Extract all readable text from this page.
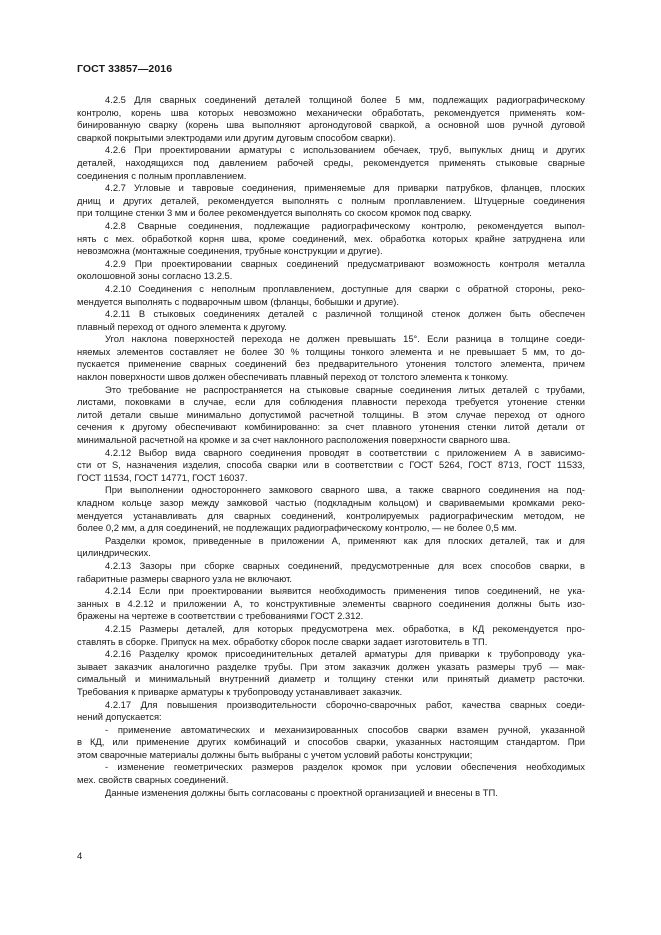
ГОСТ 33857—2016
4.2.5 Для сварных соединений деталей толщиной более 5 мм, подлежащих радиографическому
контролю, корень шва которых невозможно механически обработать, рекомендуется применять ком-
бинированную сварку (корень шва выполняют аргонодуговой сваркой, а основной шов ручной дуговой
сваркой покрытыми электродами или другим дуговым способом сварки).
4.2.6 При проектировании арматуры с использованием обечаек, труб, выпуклых днищ и других
деталей, находящихся под давлением рабочей среды, рекомендуется применять стыковые сварные
соединения с полным проплавлением.
4.2.7 Угловые и тавровые соединения, применяемые для приварки патрубков, фланцев, плоских
днищ и других деталей, рекомендуется выполнять с полным проплавлением. Штуцерные соединения
при толщине стенки 3 мм и более рекомендуется выполнять со скосом кромок под сварку.
4.2.8 Сварные соединения, подлежащие радиографическому контролю, рекомендуется выпол-
нять с мех. обработкой корня шва, кроме соединений, мех. обработка которых крайне затруднена или
невозможна (монтажные соединения, трубные конструкции и другие).
4.2.9 При проектировании сварных соединений предусматривают возможность контроля металла
околошовной зоны согласно 13.2.5.
4.2.10 Соединения с неполным проплавлением, доступные для сварки с обратной стороны, реко-
мендуется выполнять с подварочным швом (фланцы, бобышки и другие).
4.2.11 В стыковых соединениях деталей с различной толщиной стенок должен быть обеспечен
плавный переход от одного элемента к другому.
Угол наклона поверхностей перехода не должен превышать 15°. Если разница в толщине соеди-
няемых элементов составляет не более 30 % толщины тонкого элемента и не превышает 5 мм, то до-
пускается применение сварных соединений без предварительного утонения толстого элемента, причем
наклон поверхности швов должен обеспечивать плавный переход от толстого элемента к тонкому.
Это требование не распространяется на стыковые сварные соединения литых деталей с трубами,
листами, поковками в случае, если для соблюдения плавности перехода требуется утонение стенки
литой детали свыше минимально допустимой расчетной толщины. В этом случае переход от одного
сечения к другому обеспечивают комбинированно: за счет плавного утонения стенки литой детали от
минимальной расчетной на кромке и за счет наклонного расположения поверхности сварного шва.
4.2.12 Выбор вида сварного соединения проводят в соответствии с приложением А в зависимо-
сти от S, назначения изделия, способа сварки или в соответствии с ГОСТ 5264, ГОСТ 8713, ГОСТ 11533,
ГОСТ 11534, ГОСТ 14771, ГОСТ 16037.
При выполнении одностороннего замкового сварного шва, а также сварного соединения на под-
кладном кольце зазор между замковой частью (подкладным кольцом) и свариваемыми кромками реко-
мендуется устанавливать для сварных соединений, контролируемых радиографическим методом, не
более 0,2 мм, а для соединений, не подлежащих радиографическому контролю, — не более 0,5 мм.
Разделки кромок, приведенные в приложении А, применяют как для плоских деталей, так и для
цилиндрических.
4.2.13 Зазоры при сборке сварных соединений, предусмотренные для всех способов сварки, в
габаритные размеры сварного узла не включают.
4.2.14 Если при проектировании выявится необходимость применения типов соединений, не ука-
занных в 4.2.12 и приложении А, то конструктивные элементы сварного соединения должны быть изо-
бражены на чертеже в соответствии с требованиями ГОСТ 2.312.
4.2.15 Размеры деталей, для которых предусмотрена мех. обработка, в КД рекомендуется про-
ставлять в сборке. Припуск на мех. обработку сборок после сварки задает изготовитель в ТП.
4.2.16 Разделку кромок присоединительных деталей арматуры для приварки к трубопроводу ука-
зывает заказчик аналогично разделке трубы. При этом заказчик должен указать размеры труб — мак-
симальный и минимальный внутренний диаметр и толщину стенки или принятый диаметр расточки.
Требования к приварке арматуры к трубопроводу устанавливает заказчик.
4.2.17 Для повышения производительности сборочно-сварочных работ, качества сварных соеди-
нений допускается:
- применение автоматических и механизированных способов сварки взамен ручной, указанной
в КД, или применение других комбинаций и способов сварки, указанных настоящим стандартом. При
этом сварочные материалы должны быть выбраны с учетом условий работы конструкции;
- изменение геометрических размеров разделок кромок при условии обеспечения необходимых
мех. свойств сварных соединений.
Данные изменения должны быть согласованы с проектной организацией и внесены в ТП.
4
